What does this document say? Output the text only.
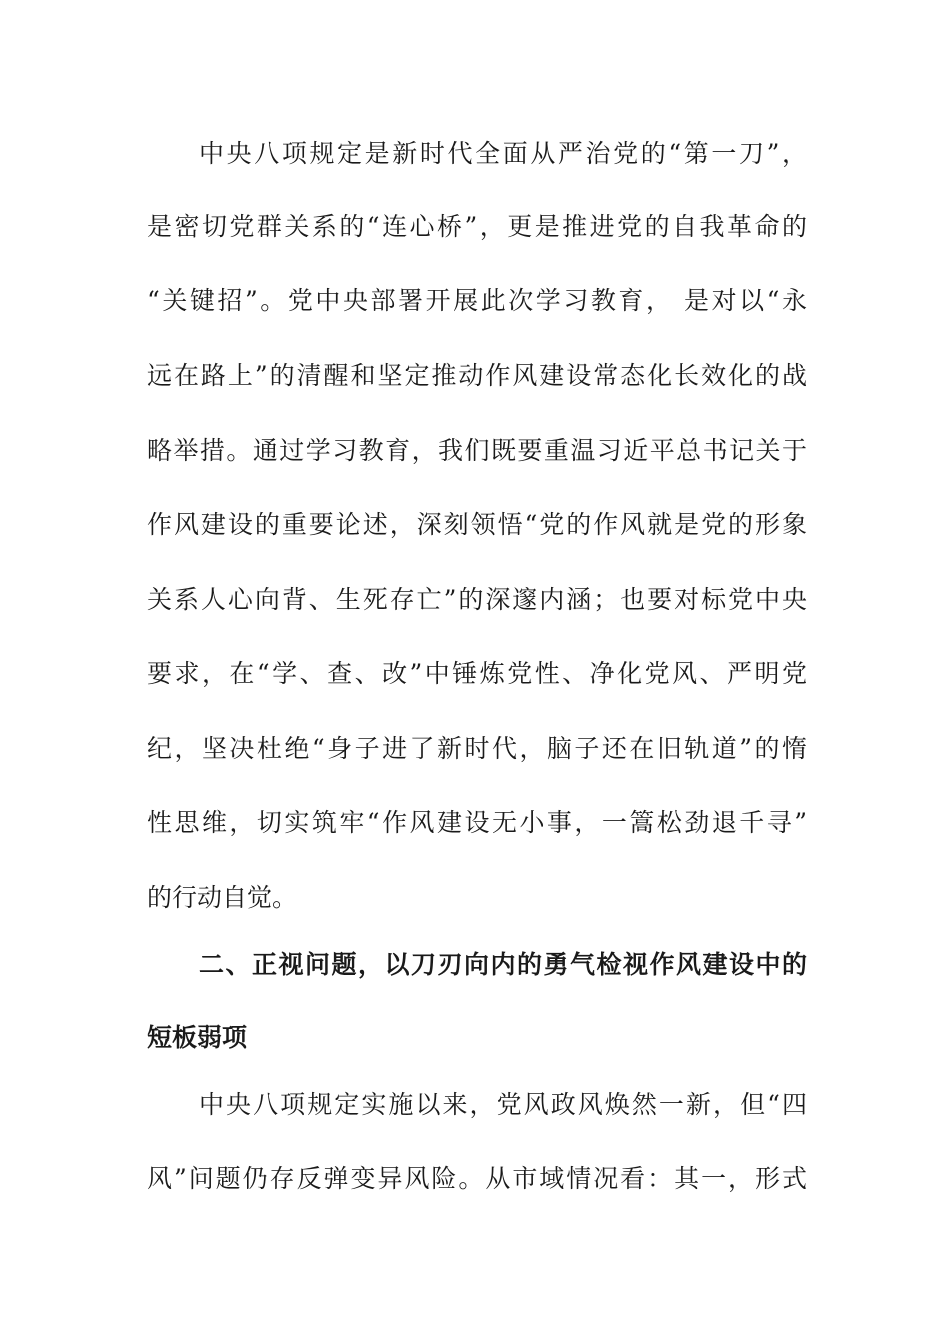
中央八项规定是新时代全面从严治党的“第一刀”，
是密切党群关系的“连心桥”，更是推进党的自我革命的
“关键招”。党中央部署开展此次学习教育， 是对以“永
远在路上”的清醒和坚定推动作风建设常态化长效化的战
略举措。通过学习教育，我们既要重温习近平总书记关于
作风建设的重要论述，深刻领悟“党的作风就是党的形象
关系人心向背、生死存亡”的深邃内涵；也要对标党中央
要求，在“学、查、改”中锤炼党性、净化党风、严明党
纪，坚决杜绝“身子进了新时代，脑子还在旧轨道”的惰
性思维，切实筑牢“作风建设无小事，一篙松劲退千寻”
的行动自觉。
二、正视问题，以刀刃向内的勇气检视作风建设中的
短板弱项
中央八项规定实施以来，党风政风焕然一新，但“四
风”问题仍存反弹变异风险。从市域情况看：其一，形式
